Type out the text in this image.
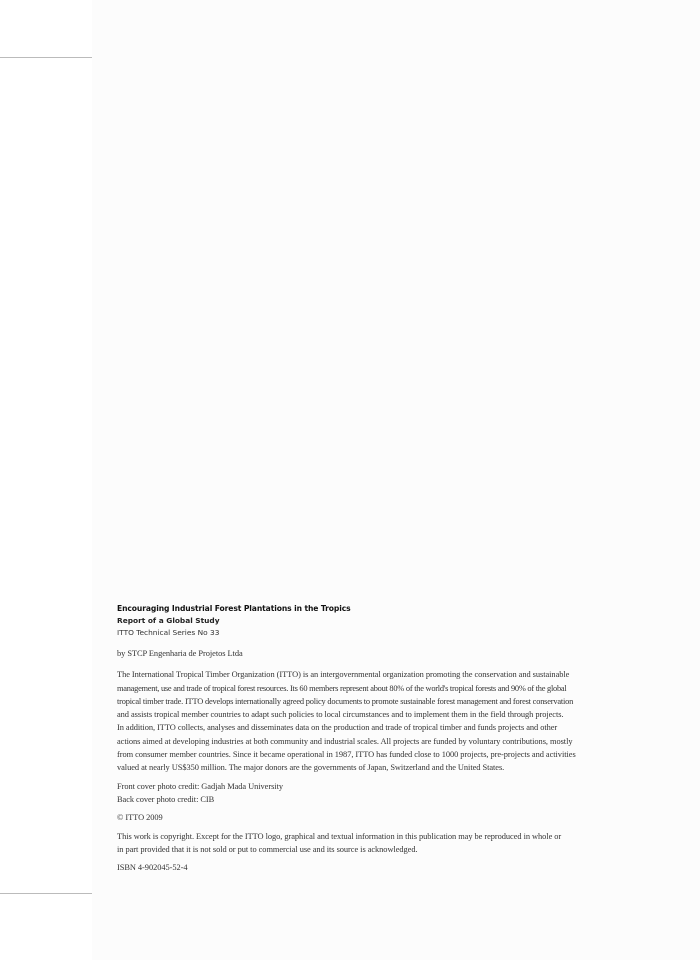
Encouraging Industrial Forest Plantations in the Tropics
Report of a Global Study
ITTO Technical Series No 33
by STCP Engenharia de Projetos Ltda
The International Tropical Timber Organization (ITTO) is an intergovernmental organization promoting the conservation and sustainable
management, use and trade of tropical forest resources. Its 60 members represent about 80% of the world's tropical forests and 90% of the global
tropical timber trade. ITTO develops internationally agreed policy documents to promote sustainable forest management and forest conservation
and assists tropical member countries to adapt such policies to local circumstances and to implement them in the field through projects.
In addition, ITTO collects, analyses and disseminates data on the production and trade of tropical timber and funds projects and other
actions aimed at developing industries at both community and industrial scales. All projects are funded by voluntary contributions, mostly
from consumer member countries. Since it became operational in 1987, ITTO has funded close to 1000 projects, pre-projects and activities
valued at nearly US$350 million. The major donors are the governments of Japan, Switzerland and the United States.
Front cover photo credit: Gadjah Mada University
Back cover photo credit: CIB
© ITTO 2009
This work is copyright. Except for the ITTO logo, graphical and textual information in this publication may be reproduced in whole or
in part provided that it is not sold or put to commercial use and its source is acknowledged.
ISBN 4-902045-52-4
